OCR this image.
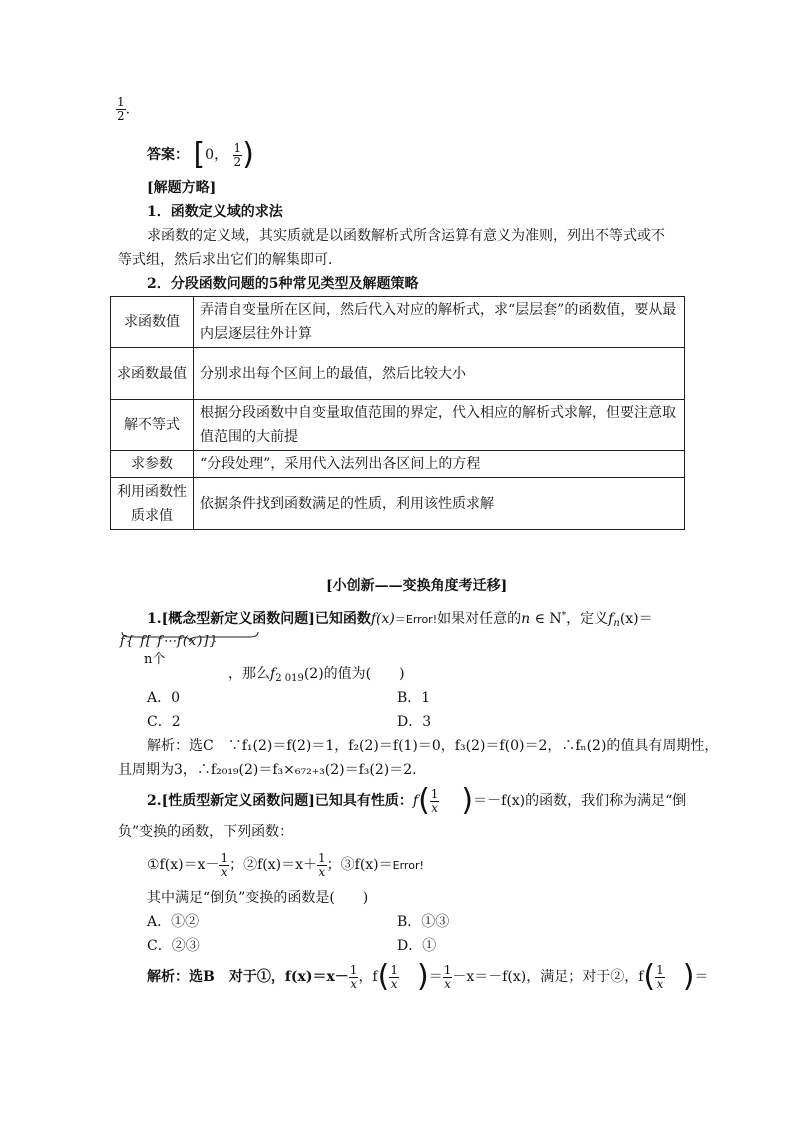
$\frac{1}{2}$ .
答案： [0， $\frac{1}{2}$ )
[解题方略]
1．函数定义域的求法
求函数的定义域，其实质就是以函数解析式所含运算有意义为准则，列出不等式或不
等式组，然后求出它们的解集即可．
2．分段函数问题的5种常见类型及解题策略
求函数值	弄清自变量所在区间，然后代入对应的解析式，求“层层套”的函数值，要从最内层逐层往外计算
求函数最值	分别求出每个区间上的最值，然后比较大小
解不等式	根据分段函数中自变量取值范围的界定，代入相应的解析式求解，但要注意取值范围的大前提
求参数	“分段处理”，采用代入法列出各区间上的方程
利用函数性质求值	依据条件找到函数满足的性质，利用该性质求解
[小创新——变换角度考迁移]
1.[概念型新定义函数问题]已知函数f(x)＝Error!如果对任意的n ∈ N*，定义$f_n(x)=$
f{ f[ f⋯f(x)]}
n个
，那么$f_{2 019}(2)$的值为(　　)
A．0	B．1
C．2	D．3
解析：选C　∵f₁(2)＝f(2)＝1，f₂(2)＝f(1)＝0，f₃(2)＝f(0)＝2，∴fₙ(2)的值具有周期性，
且周期为3，∴f₂₀₁₉(2)＝f₃×₆₇₂₊₃(2)＝f₃(2)＝2.
2.[性质型新定义函数问题]已知具有性质：$f( \frac{1}{x} )=-f(x)$的函数，我们称为满足“倒
负”变换的函数，下列函数：
①f(x)＝x－ $\frac{1}{x}$ ；②f(x)＝x＋ $\frac{1}{x}$ ；③f(x)＝Error!
其中满足“倒负”变换的函数是(　　)
A．①②	B．①③
C．②③	D．①
解析：选B　对于①，$f(x)=x- \frac{1}{x}$ ，$f( \frac{1}{x}$ )＝ $\frac{1}{x} -x=-f(x)$，满足；对于②，$f( \frac{1}{x}$ )＝
